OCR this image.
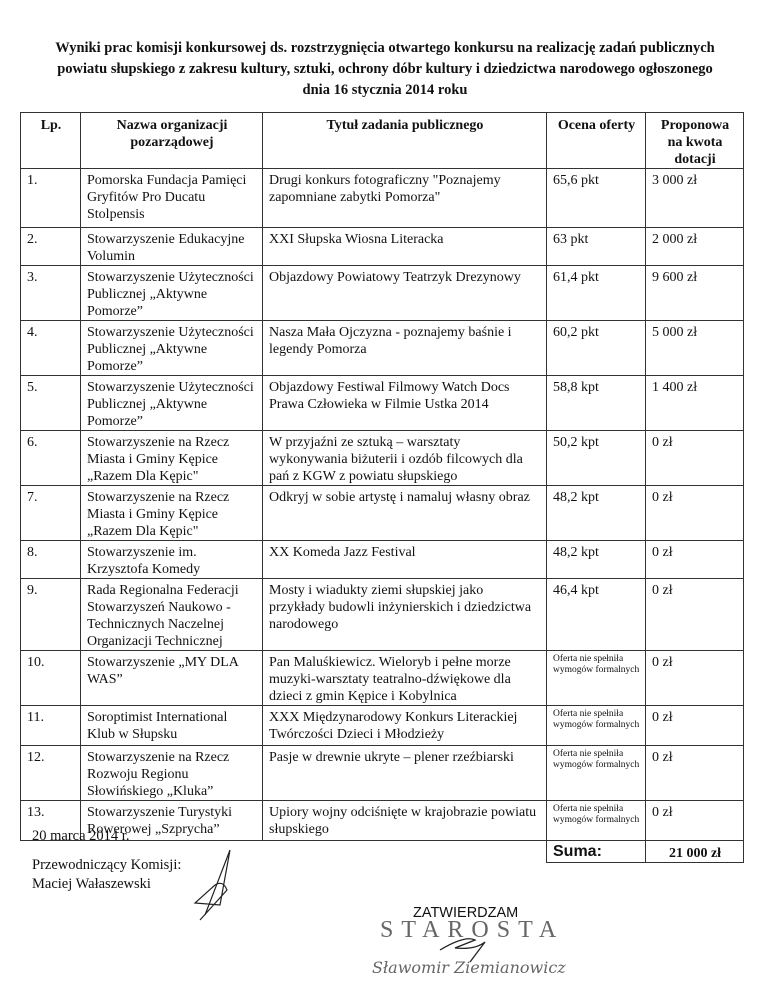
Wyniki prac komisji konkursowej ds. rozstrzygnięcia otwartego konkursu na realizację zadań publicznych powiatu słupskiego z zakresu kultury, sztuki, ochrony dóbr kultury i dziedzictwa narodowego ogłoszonego dnia 16 stycznia 2014 roku
Lp.	Nazwa organizacji pozarządowej	Tytuł zadania publicznego	Ocena oferty	Proponowa na kwota dotacji
1.	Pomorska Fundacja Pamięci Gryfitów Pro Ducatu Stolpensis	Drugi konkurs fotograficzny "Poznajemy zapomniane zabytki Pomorza"	65,6 pkt	3 000 zł
2.	Stowarzyszenie Edukacyjne Volumin	XXI Słupska Wiosna Literacka	63 pkt	2 000 zł
3.	Stowarzyszenie Użyteczności Publicznej „Aktywne Pomorze”	Objazdowy Powiatowy Teatrzyk Drezynowy	61,4 pkt	9 600 zł
4.	Stowarzyszenie Użyteczności Publicznej „Aktywne Pomorze”	Nasza Mała Ojczyzna - poznajemy baśnie i legendy Pomorza	60,2 pkt	5 000 zł
5.	Stowarzyszenie Użyteczności Publicznej „Aktywne Pomorze”	Objazdowy Festiwal Filmowy Watch Docs Prawa Człowieka w Filmie Ustka 2014	58,8 kpt	1 400 zł
6.	Stowarzyszenie na Rzecz Miasta i Gminy Kępice „Razem Dla Kępic"	W przyjaźni ze sztuką – warsztaty wykonywania biżuterii i ozdób filcowych dla pań z KGW z powiatu słupskiego	50,2 kpt	0 zł
7.	Stowarzyszenie na Rzecz Miasta i Gminy Kępice „Razem Dla Kępic"	Odkryj w sobie artystę i namaluj własny obraz	48,2 kpt	0 zł
8.	Stowarzyszenie im. Krzysztofa Komedy	XX Komeda Jazz Festival	48,2 kpt	0 zł
9.	Rada Regionalna Federacji Stowarzyszeń Naukowo - Technicznych Naczelnej Organizacji Technicznej	Mosty i wiadukty ziemi słupskiej jako przykłady budowli inżynierskich i dziedzictwa narodowego	46,4 kpt	0 zł
10.	Stowarzyszenie „MY DLA WAS”	Pan Maluśkiewicz. Wieloryb i pełne morze muzyki-warsztaty teatralno-dźwiękowe dla dzieci z gmin Kępice i Kobylnica	Oferta nie spełniła wymogów formalnych	0 zł
11.	Soroptimist International Klub w Słupsku	XXX Międzynarodowy Konkurs Literackiej Twórczości Dzieci i Młodzieży	Oferta nie spełniła wymogów formalnych	0 zł
12.	Stowarzyszenie na Rzecz Rozwoju Regionu Słowińskiego „Kluka”	Pasje w drewnie ukryte – plener rzeźbiarski	Oferta nie spełniła wymogów formalnych	0 zł
13.	Stowarzyszenie Turystyki Rowerowej „Szprycha”	Upiory wojny odciśnięte w krajobrazie powiatu słupskiego	Oferta nie spełniła wymogów formalnych	0 zł
			Suma:	21 000 zł
20 marca 2014 r.
Przewodniczący Komisji:
Maciej Wałaszewski
ZATWIERDZAM
STAROSTA
Sławomir Ziemianowicz
